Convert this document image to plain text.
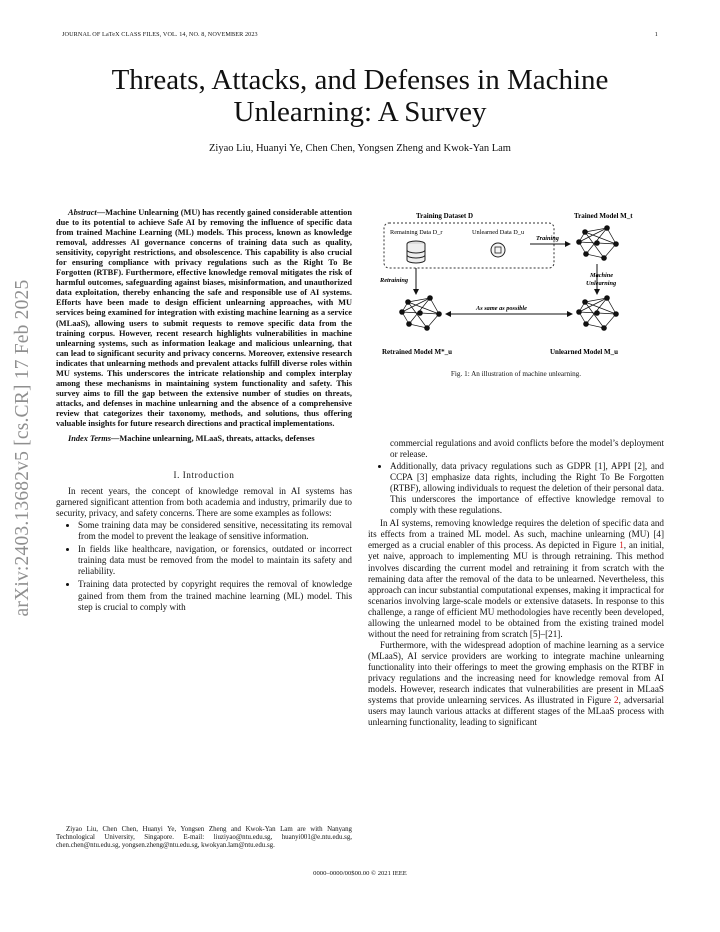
JOURNAL OF LaTeX CLASS FILES, VOL. 14, NO. 8, NOVEMBER 2023	1
Threats, Attacks, and Defenses in Machine
Unlearning: A Survey
Ziyao Liu, Huanyi Ye, Chen Chen, Yongsen Zheng and Kwok-Yan Lam
arXiv:2403.13682v5 [cs.CR] 17 Feb 2025

Abstract—Machine Unlearning (MU) has recently gained considerable attention due to its potential to achieve Safe AI by removing the influence of specific data from trained Machine Learning (ML) models. This process, known as knowledge removal, addresses AI governance concerns of training data such as quality, sensitivity, copyright restrictions, and obsolescence. This capability is also crucial for ensuring compliance with privacy regulations such as the Right To Be Forgotten (RTBF). Furthermore, effective knowledge removal mitigates the risk of harmful outcomes, safeguarding against biases, misinformation, and unauthorized data exploitation, thereby enhancing the safe and responsible use of AI systems. Efforts have been made to design efficient unlearning approaches, with MU services being examined for integration with existing machine learning as a service (MLaaS), allowing users to submit requests to remove specific data from the training corpus. However, recent research highlights vulnerabilities in machine unlearning systems, such as information leakage and malicious unlearning, that can lead to significant security and privacy concerns. Moreover, extensive research indicates that unlearning methods and prevalent attacks fulfill diverse roles within MU systems. This underscores the intricate relationship and complex interplay among these mechanisms in maintaining system functionality and safety. This survey aims to fill the gap between the extensive number of studies on threats, attacks, and defenses in machine unlearning and the absence of a comprehensive review that categorizes their taxonomy, methods, and solutions, thus offering valuable insights for future research directions and practical implementations.

Index Terms—Machine unlearning, MLaaS, threats, attacks, defenses

I. Introduction

In recent years, the concept of knowledge removal in AI systems has garnered significant attention from both academia and industry, primarily due to security, privacy, and safety concerns. There are some examples as follows:

• Some training data may be considered sensitive, necessitating its removal from the model to prevent the leakage of sensitive information.
• In fields like healthcare, navigation, or forensics, outdated or incorrect training data must be removed from the model to maintain its safety and reliability.
• Training data protected by copyright requires the removal of knowledge gained from them from the trained machine learning (ML) model. This step is crucial to comply with

Ziyao Liu, Chen Chen, Huanyi Ye, Yongsen Zheng and Kwok-Yan Lam are with Nanyang Technological University, Singapore. E-mail: liuziyao@ntu.edu.sg, huanyi001@e.ntu.edu.sg, chen.chen@ntu.edu.sg, yongsen.zheng@ntu.edu.sg, kwokyan.lam@ntu.edu.sg.

Training Dataset D	Trained Model M_t
Remaining Data D_r	Unlearned Data D_u
Training
Retraining
Machine
Unlearning
As same as possible
Retrained Model M*_u	Unlearned Model M_u
Fig. 1: An illustration of machine unlearning.

commercial regulations and avoid conflicts before the model’s deployment or release.

• Additionally, data privacy regulations such as GDPR [1], APPI [2], and CCPA [3] emphasize data rights, including the Right To Be Forgotten (RTBF), allowing individuals to request the deletion of their personal data. This underscores the importance of effective knowledge removal to comply with these regulations.

In AI systems, removing knowledge requires the deletion of specific data and its effects from a trained ML model. As such, machine unlearning (MU) [4] emerged as a crucial enabler of this process. As depicted in Figure 1, an initial, yet naive, approach to implementing MU is through retraining. This method involves discarding the current model and retraining it from scratch with the remaining data after the removal of the data to be unlearned. Nevertheless, this approach can incur substantial computational expenses, making it impractical for scenarios involving large-scale models or extensive datasets. In response to this challenge, a range of efficient MU methodologies have recently been developed, allowing the unlearned model to be obtained from the existing trained model without the need for retraining from scratch [5]–[21].

Furthermore, with the widespread adoption of machine learning as a service (MLaaS), AI service providers are working to integrate machine unlearning functionality into their offerings to meet the growing emphasis on the RTBF in privacy regulations and the increasing need for knowledge removal from AI models. However, research indicates that vulnerabilities are present in MLaaS systems that provide unlearning services. As illustrated in Figure 2, adversarial users may launch various attacks at different stages of the MLaaS process with unlearning functionality, leading to significant

0000–0000/00$00.00 © 2021 IEEE
